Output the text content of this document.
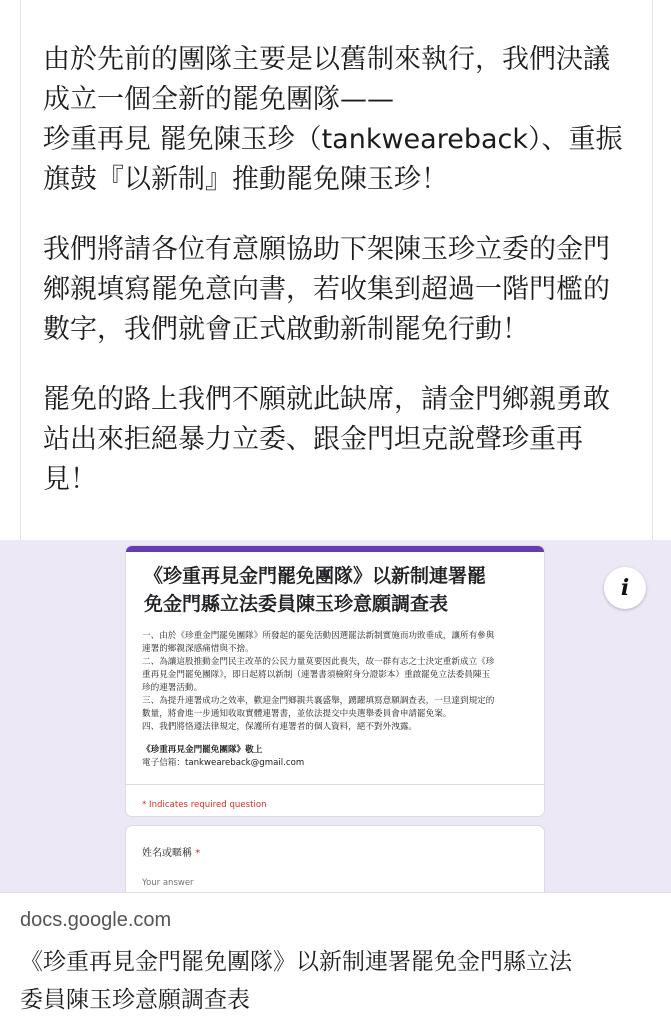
由於先前的團隊主要是以舊制來執行，我們決議
成立一個全新的罷免團隊——
珍重再見 罷免陳玉珍（tankweareback）、重振
旗鼓『以新制』推動罷免陳玉珍！

我們將請各位有意願協助下架陳玉珍立委的金門
鄉親填寫罷免意向書，若收集到超過一階門檻的
數字，我們就會正式啟動新制罷免行動！

罷免的路上我們不願就此缺席，請金門鄉親勇敢
站出來拒絕暴力立委、跟金門坦克說聲珍重再
見！

《珍重再見金門罷免團隊》以新制連署罷
免金門縣立法委員陳玉珍意願調查表
一、由於《珍重金門罷免團隊》所發起的罷免活動因選罷法新制實施而功敗垂成，讓所有參與
連署的鄉親深感痛惜與不捨。
二、為讓這股推動金門民主改革的公民力量莫要因此喪失，故一群有志之士決定重新成立《珍
重再見金門罷免團隊》，即日起將以新制（連署書須檢附身分證影本）重啟罷免立法委員陳玉
珍的連署活動。
三、為提升連署成功之效率，歡迎金門鄉親共襄盛舉，踴躍填寫意願調查表，一旦達到規定的
數量，將會進一步通知收取實體連署書，並依法提交中央選舉委員會申請罷免案。
四、我們將恪遵法律規定，保護所有連署者的個人資料，絕不對外洩露。
《珍重再見金門罷免團隊》敬上
電子信箱：tankweareback@gmail.com
* Indicates required question
姓名或暱稱 *
Your answer
i
docs.google.com
《珍重再見金門罷免團隊》以新制連署罷免金門縣立法
委員陳玉珍意願調查表
